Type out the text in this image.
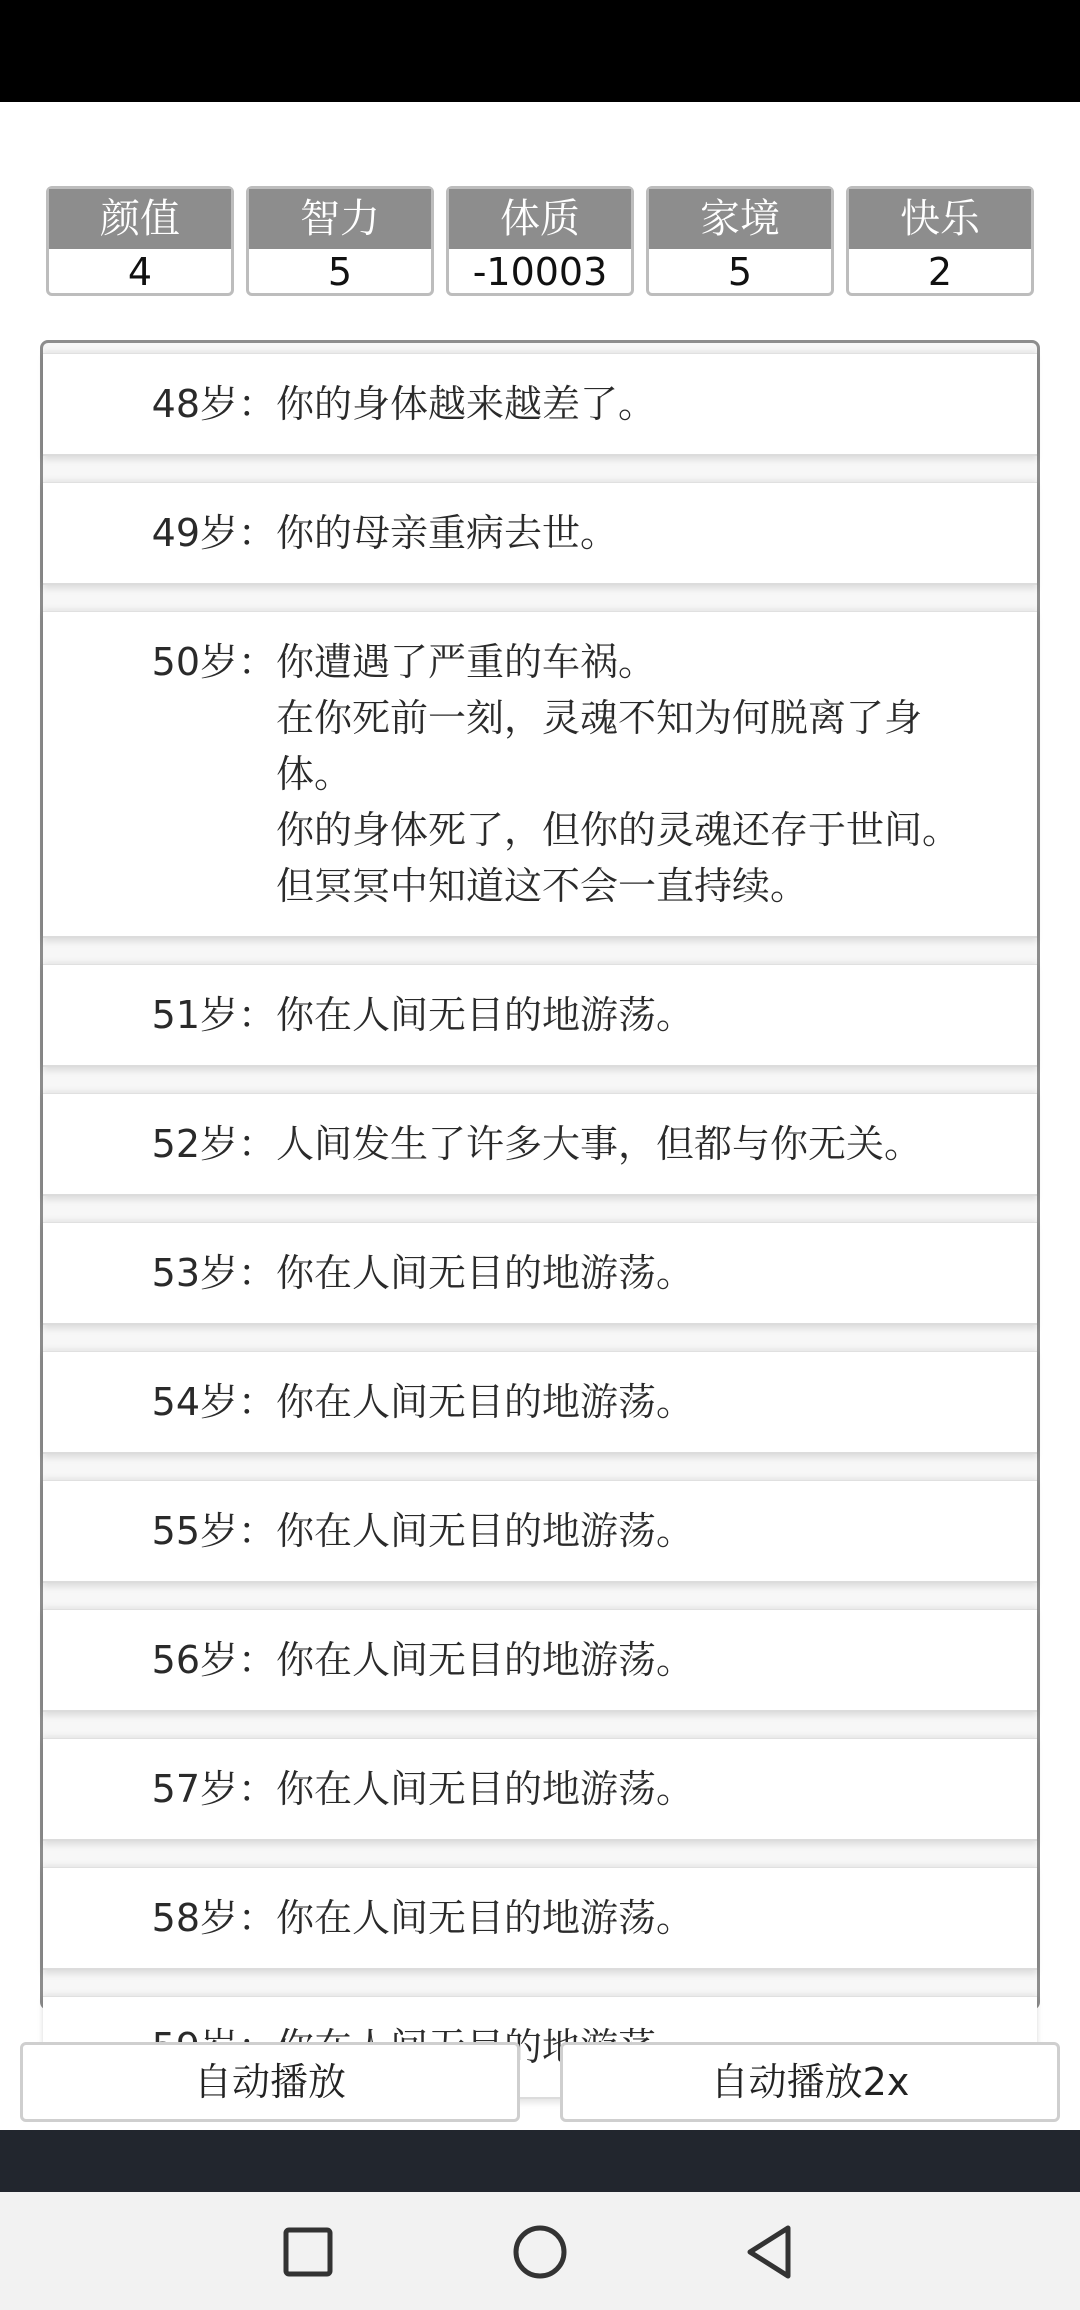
颜值
4
智力
5
体质
-10003
家境
5
快乐
2
48岁： 你的身体越来越差了。
49岁： 你的母亲重病去世。
50岁： 你遭遇了严重的车祸。
在你死前一刻，灵魂不知为何脱离了身体。
你的身体死了，但你的灵魂还存于世间。
但冥冥中知道这不会一直持续。
51岁： 你在人间无目的地游荡。
52岁： 人间发生了许多大事，但都与你无关。
53岁： 你在人间无目的地游荡。
54岁： 你在人间无目的地游荡。
55岁： 你在人间无目的地游荡。
56岁： 你在人间无目的地游荡。
57岁： 你在人间无目的地游荡。
58岁： 你在人间无目的地游荡。
自动播放	自动播放2x
